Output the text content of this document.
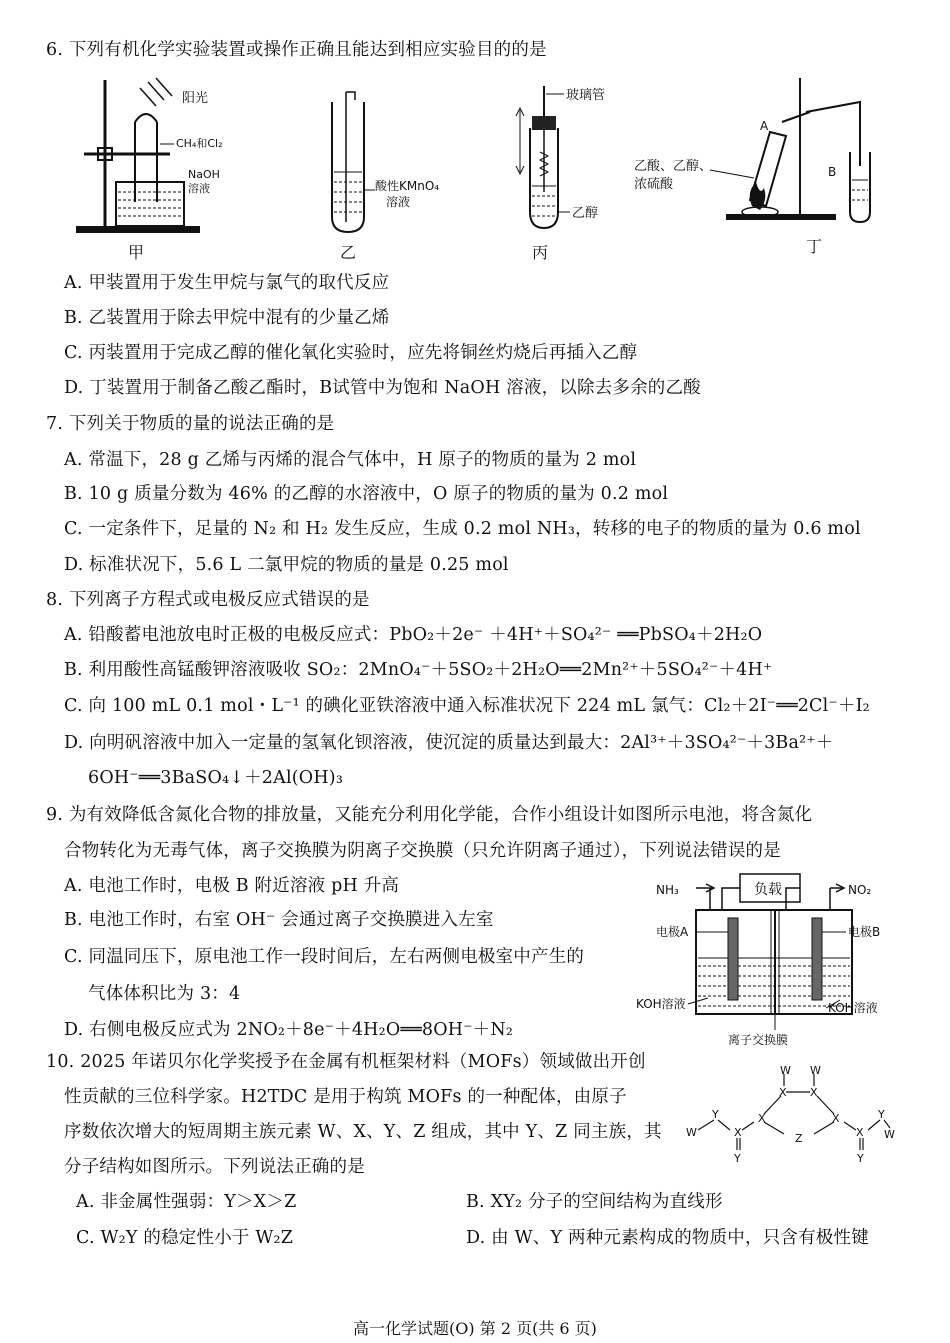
6. 下列有机化学实验装置或操作正确且能达到相应实验目的的是
阳光
CH₄和Cl₂
NaOH
溶液
甲
酸性KMnO₄
溶液
乙
玻璃管
乙醇
丙
A
B
乙酸、乙醇、
浓硫酸
丁
A. 甲装置用于发生甲烷与氯气的取代反应
B. 乙装置用于除去甲烷中混有的少量乙烯
C. 丙装置用于完成乙醇的催化氧化实验时，应先将铜丝灼烧后再插入乙醇
D. 丁装置用于制备乙酸乙酯时，B试管中为饱和 NaOH 溶液，以除去多余的乙酸
7. 下列关于物质的量的说法正确的是
A. 常温下，28 g 乙烯与丙烯的混合气体中，H 原子的物质的量为 2 mol
B. 10 g 质量分数为 46% 的乙醇的水溶液中，O 原子的物质的量为 0.2 mol
C. 一定条件下，足量的 N₂ 和 H₂ 发生反应，生成 0.2 mol NH₃，转移的电子的物质的量为 0.6 mol
D. 标准状况下，5.6 L 二氯甲烷的物质的量是 0.25 mol
8. 下列离子方程式或电极反应式错误的是
A. 铅酸蓄电池放电时正极的电极反应式：PbO₂＋2e⁻ ＋4H⁺＋SO₄²⁻ ══PbSO₄＋2H₂O
B. 利用酸性高锰酸钾溶液吸收 SO₂：2MnO₄⁻＋5SO₂＋2H₂O══2Mn²⁺＋5SO₄²⁻＋4H⁺
C. 向 100 mL 0.1 mol・L⁻¹ 的碘化亚铁溶液中通入标准状况下 224 mL 氯气：Cl₂＋2I⁻══2Cl⁻＋I₂
D. 向明矾溶液中加入一定量的氢氧化钡溶液，使沉淀的质量达到最大：2Al³⁺＋3SO₄²⁻＋3Ba²⁺＋
6OH⁻══3BaSO₄↓＋2Al(OH)₃
9. 为有效降低含氮化合物的排放量，又能充分利用化学能，合作小组设计如图所示电池，将含氮化
合物转化为无毒气体，离子交换膜为阴离子交换膜（只允许阴离子通过），下列说法错误的是
A. 电池工作时，电极 B 附近溶液 pH 升高
B. 电池工作时，右室 OH⁻ 会通过离子交换膜进入左室
C. 同温同压下，原电池工作一段时间后，左右两侧电极室中产生的
气体体积比为 3：4
D. 右侧电极反应式为 2NO₂＋8e⁻＋4H₂O══8OH⁻＋N₂
负载
NH₃	NO₂
电极A	电极B
KOH溶液	KOH溶液
离子交换膜
10. 2025 年诺贝尔化学奖授予在金属有机框架材料（MOFs）领域做出开创
性贡献的三位科学家。H2TDC 是用于构筑 MOFs 的一种配体，由原子
序数依次增大的短周期主族元素 W、X、Y、Z 组成，其中 Y、Z 同主族，其
分子结构如图所示。下列说法正确的是
W W
X X
X	X
Z
X	X
Y	Y
W	W
Y	Y
A. 非金属性强弱：Y＞X＞Z	B. XY₂ 分子的空间结构为直线形
C. W₂Y 的稳定性小于 W₂Z	D. 由 W、Y 两种元素构成的物质中，只含有极性键
高一化学试题(O) 第 2 页(共 6 页)
